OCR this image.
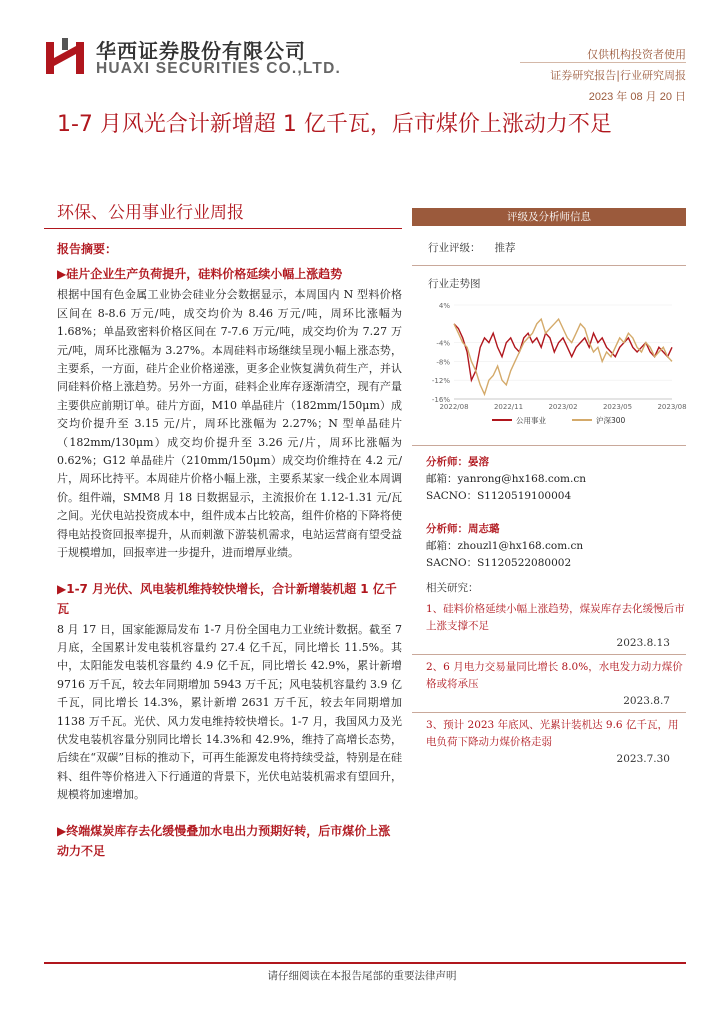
华西证券股份有限公司
HUAXI SECURITIES CO.,LTD.
仅供机构投资者使用
证券研究报告|行业研究周报
2023 年 08 月 20 日
1-7 月风光合计新增超 1 亿千瓦，后市煤价上涨动力不足
环保、公用事业行业周报
报告摘要：
▶硅片企业生产负荷提升，硅料价格延续小幅上涨趋势
根据中国有色金属工业协会硅业分会数据显示，本周国内 N 型料价格区间在 8-8.6 万元/吨，成交均价为 8.46 万元/吨，周环比涨幅为 1.68%；单晶致密料价格区间在 7-7.6 万元/吨，成交均价为 7.27 万元/吨，周环比涨幅为 3.27%。本周硅料市场继续呈现小幅上涨态势，主要系，一方面，硅片企业价格递涨，更多企业恢复满负荷生产，并认同硅料价格上涨趋势。另外一方面，硅料企业库存逐渐清空，现有产量主要供应前期订单。硅片方面，M10 单晶硅片（182mm/150μm）成交均价提升至 3.15 元/片，周环比涨幅为 2.27%；N 型单晶硅片（182mm/130μm）成交均价提升至 3.26 元/片，周环比涨幅为 0.62%；G12 单晶硅片（210mm/150μm）成交均价维持在 4.2 元/片，周环比持平。本周硅片价格小幅上涨，主要系某家一线企业本周调价。组件端，SMM8 月 18 日数据显示，主流报价在 1.12-1.31 元/瓦之间。光伏电站投资成本中，组件成本占比较高，组件价格的下降将使得电站投资回报率提升，从而刺激下游装机需求，电站运营商有望受益于规模增加，回报率进一步提升，进而增厚业绩。
▶1-7 月光伏、风电装机维持较快增长，合计新增装机超 1 亿千瓦
8 月 17 日，国家能源局发布 1-7 月份全国电力工业统计数据。截至 7 月底，全国累计发电装机容量约 27.4 亿千瓦，同比增长 11.5%。其中，太阳能发电装机容量约 4.9 亿千瓦，同比增长 42.9%，累计新增 9716 万千瓦，较去年同期增加 5943 万千瓦；风电装机容量约 3.9 亿千瓦，同比增长 14.3%，累计新增 2631 万千瓦，较去年同期增加 1138 万千瓦。光伏、风力发电维持较快增长。1-7 月，我国风力及光伏发电装机容量分别同比增长 14.3%和 42.9%，维持了高增长态势，后续在“双碳”目标的推动下，可再生能源发电将持续受益，特别是在硅料、组件等价格进入下行通道的背景下，光伏电站装机需求有望回升，规模将加速增加。
▶终端煤炭库存去化缓慢叠加水电出力预期好转，后市煤价上涨动力不足
评级及分析师信息
行业评级： 推荐
行业走势图
4%
-4%
-8%
-12%
-16%
2022/08	2022/11	2023/02	2023/05	2023/08
公用事业	沪深300
分析师：晏溶
邮箱：yanrong@hx168.com.cn
SACNO：S1120519100004
分析师：周志璐
邮箱：zhouzl1@hx168.com.cn
SACNO：S1120522080002
相关研究：
1、硅料价格延续小幅上涨趋势，煤炭库存去化缓慢后市上涨支撑不足
2023.8.13
2、6 月电力交易量同比增长 8.0%，水电发力动力煤价格或将承压
2023.8.7
3、预计 2023 年底风、光累计装机达 9.6 亿千瓦，用电负荷下降动力煤价格走弱
2023.7.30
请仔细阅读在本报告尾部的重要法律声明
